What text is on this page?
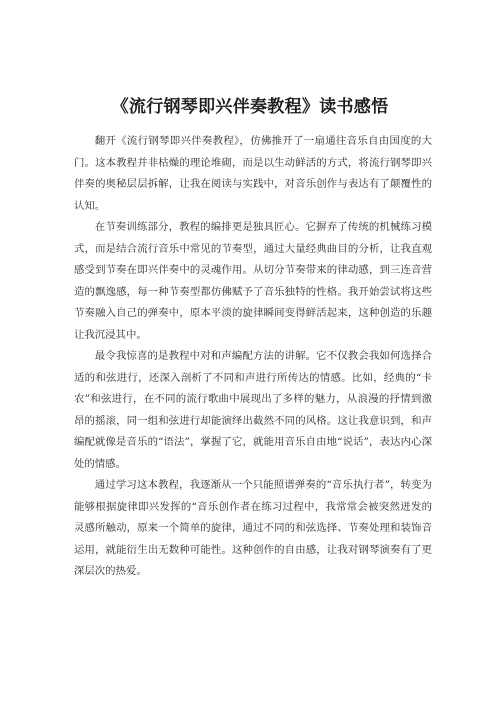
《流行钢琴即兴伴奏教程》读书感悟

翻开《流行钢琴即兴伴奏教程》，仿佛推开了一扇通往音乐自由国度的大门。这本教程并非枯燥的理论堆砌，而是以生动鲜活的方式，将流行钢琴即兴伴奏的奥秘层层拆解，让我在阅读与实践中，对音乐创作与表达有了颠覆性的认知。

在节奏训练部分，教程的编排更是独具匠心。它摒弃了传统的机械练习模式，而是结合流行音乐中常见的节奏型，通过大量经典曲目的分析，让我直观感受到节奏在即兴伴奏中的灵魂作用。从切分节奏带来的律动感，到三连音营造的飘逸感，每一种节奏型都仿佛赋予了音乐独特的性格。我开始尝试将这些节奏融入自己的弹奏中，原本平淡的旋律瞬间变得鲜活起来，这种创造的乐趣让我沉浸其中。

最令我惊喜的是教程中对和声编配方法的讲解。它不仅教会我如何选择合适的和弦进行，还深入剖析了不同和声进行所传达的情感。比如，经典的“卡农”和弦进行，在不同的流行歌曲中展现出了多样的魅力，从浪漫的抒情到激昂的摇滚，同一组和弦进行却能演绎出截然不同的风格。这让我意识到，和声编配就像是音乐的“语法”，掌握了它，就能用音乐自由地“说话”，表达内心深处的情感。

通过学习这本教程，我逐渐从一个只能照谱弹奏的“音乐执行者”，转变为能够根据旋律即兴发挥的“音乐创作者在练习过程中，我常常会被突然迸发的灵感所触动，原来一个简单的旋律，通过不同的和弦选择、节奏处理和装饰音运用，就能衍生出无数种可能性。这种创作的自由感，让我对钢琴演奏有了更深层次的热爱。
